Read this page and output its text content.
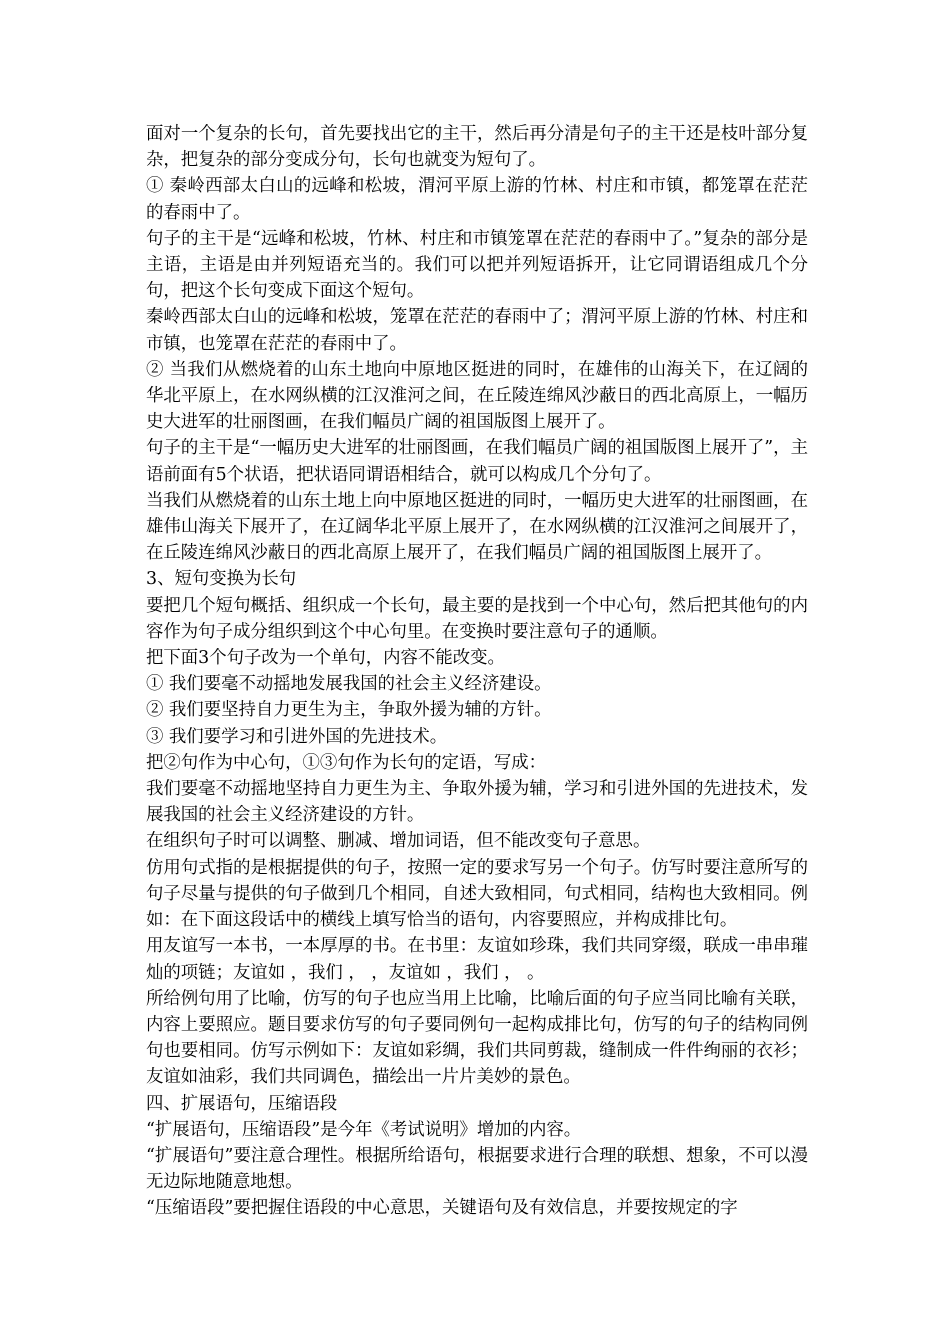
面对一个复杂的长句，首先要找出它的主干，然后再分清是句子的主干还是枝叶部分复杂，把复杂的部分变成分句，长句也就变为短句了。

① 秦岭西部太白山的远峰和松坡，渭河平原上游的竹林、村庄和市镇，都笼罩在茫茫的春雨中了。

句子的主干是“远峰和松坡，竹林、村庄和市镇笼罩在茫茫的春雨中了。”复杂的部分是主语，主语是由并列短语充当的。我们可以把并列短语拆开，让它同谓语组成几个分句，把这个长句变成下面这个短句。

秦岭西部太白山的远峰和松坡，笼罩在茫茫的春雨中了；渭河平原上游的竹林、村庄和市镇，也笼罩在茫茫的春雨中了。

② 当我们从燃烧着的山东土地向中原地区挺进的同时，在雄伟的山海关下，在辽阔的华北平原上，在水网纵横的江汉淮河之间，在丘陵连绵风沙蔽日的西北高原上，一幅历史大进军的壮丽图画，在我们幅员广阔的祖国版图上展开了。

句子的主干是“一幅历史大进军的壮丽图画，在我们幅员广阔的祖国版图上展开了”，主语前面有5个状语，把状语同谓语相结合，就可以构成几个分句了。

当我们从燃烧着的山东土地上向中原地区挺进的同时，一幅历史大进军的壮丽图画，在雄伟山海关下展开了，在辽阔华北平原上展开了，在水网纵横的江汉淮河之间展开了，在丘陵连绵风沙蔽日的西北高原上展开了，在我们幅员广阔的祖国版图上展开了。

3、短句变换为长句

要把几个短句概括、组织成一个长句，最主要的是找到一个中心句，然后把其他句的内容作为句子成分组织到这个中心句里。在变换时要注意句子的通顺。

把下面3个句子改为一个单句，内容不能改变。

① 我们要毫不动摇地发展我国的社会主义经济建设。

② 我们要坚持自力更生为主，争取外援为辅的方针。

③ 我们要学习和引进外国的先进技术。

把②句作为中心句，①③句作为长句的定语，写成：

我们要毫不动摇地坚持自力更生为主、争取外援为辅，学习和引进外国的先进技术，发展我国的社会主义经济建设的方针。

在组织句子时可以调整、删减、增加词语，但不能改变句子意思。

仿用句式指的是根据提供的句子，按照一定的要求写另一个句子。仿写时要注意所写的句子尽量与提供的句子做到几个相同，自述大致相同，句式相同，结构也大致相同。例如：在下面这段话中的横线上填写恰当的语句，内容要照应，并构成排比句。

用友谊写一本书，一本厚厚的书。在书里：友谊如珍珠，我们共同穿缀，联成一串串璀灿的项链；友谊如 ，我们 ， ，友谊如 ，我们 ， 。

所给例句用了比喻，仿写的句子也应当用上比喻，比喻后面的句子应当同比喻有关联，内容上要照应。题目要求仿写的句子要同例句一起构成排比句，仿写的句子的结构同例句也要相同。仿写示例如下：友谊如彩绸，我们共同剪裁，缝制成一件件绚丽的衣衫；友谊如油彩，我们共同调色，描绘出一片片美妙的景色。

四、扩展语句，压缩语段

“扩展语句，压缩语段”是今年《考试说明》增加的内容。

“扩展语句”要注意合理性。根据所给语句，根据要求进行合理的联想、想象，不可以漫无边际地随意地想。

“压缩语段”要把握住语段的中心意思，关键语句及有效信息，并要按规定的字
